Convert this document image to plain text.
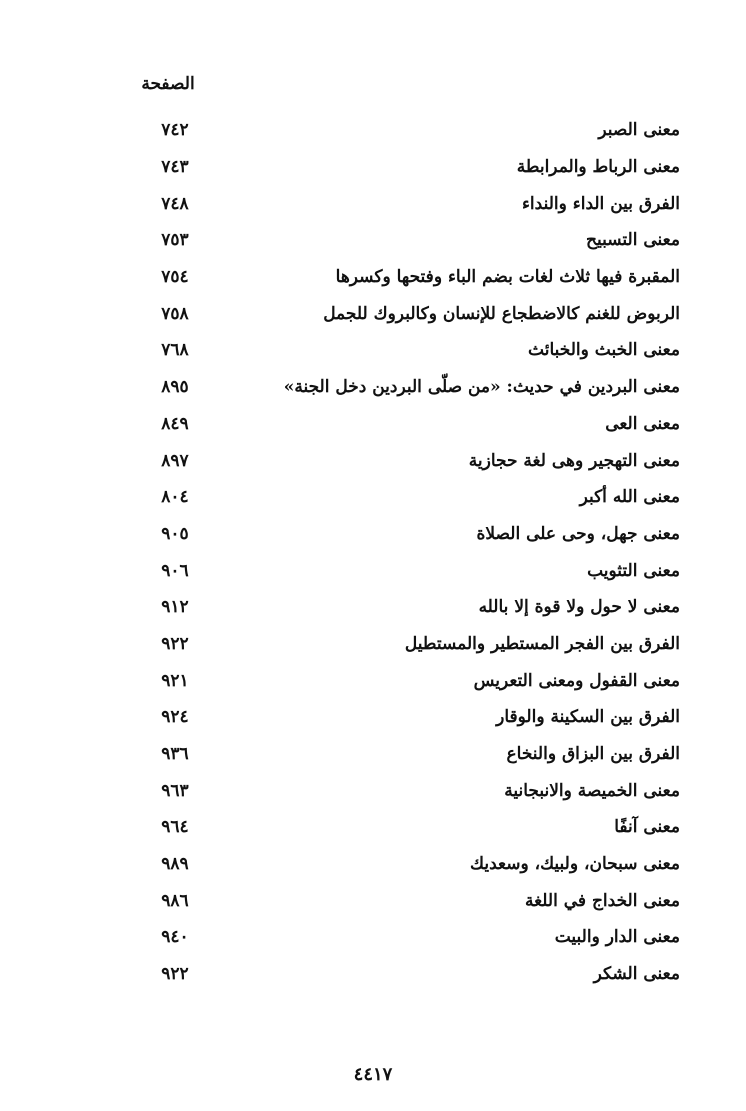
الصفحة
٧٤٢	معنى الصبر
٧٤٣	معنى الرباط والمرابطة
٧٤٨	الفرق بين الداء والنداء
٧٥٣	معنى التسبيح
٧٥٤	المقبرة فيها ثلاث لغات بضم الباء وفتحها وكسرها
٧٥٨	الربوض للغنم كالاضطجاع للإنسان وكالبروك للجمل
٧٦٨	معنى الخبث والخبائث
٨٩٥	معنى البردين في حديث: «من صلّى البردين دخل الجنة»
٨٤٩	معنى العى
٨٩٧	معنى التهجير وهى لغة حجازية
٨٠٤	معنى الله أكبر
٩٠٥	معنى جهل، وحى على الصلاة
٩٠٦	معنى التثويب
٩١٢	معنى لا حول ولا قوة إلا بالله
٩٢٢	الفرق بين الفجر المستطير والمستطيل
٩٢١	معنى القفول ومعنى التعريس
٩٢٤	الفرق بين السكينة والوقار
٩٣٦	الفرق بين البزاق والنخاع
٩٦٣	معنى الخميصة والانبجانية
٩٦٤	معنى آنفًا
٩٨٩	معنى سبحان، ولبيك، وسعديك
٩٨٦	معنى الخداج في اللغة
٩٤٠	معنى الدار والبيت
٩٢٢	معنى الشكر
٤٤١٧
